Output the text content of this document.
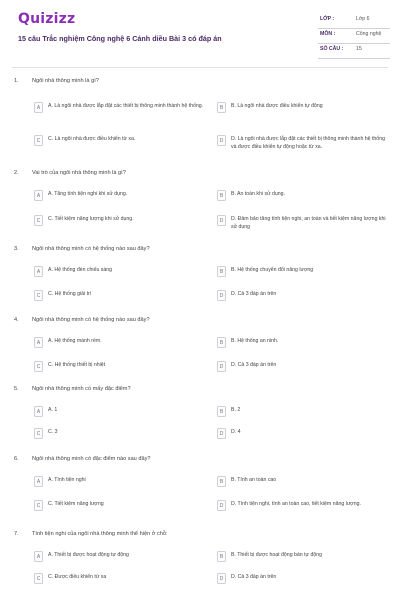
Quizizz
15 câu Trắc nghiệm Công nghệ 6 Cánh diều Bài 3 có đáp án
LỚP :	Lớp 6
MÔN :	Công nghệ
SỐ CÂU : 15
1. Ngôi nhà thông minh là gì?
A	A. Là ngôi nhà được lắp đặt các thiết bị thông minh thành hệ thống.	B	B. Là ngôi nhà được điều khiển tự động
C	C. Là ngôi nhà được điều khiển từ xa.	D	D. Là ngôi nhà được lắp đặt các thiết bị thông minh thành hệ thống và được điều khiển tự động hoặc từ xa.
2. Vai trò của ngôi nhà thông minh là gì?
A	A. Tăng tính tiện nghi khi sử dụng.	B	B. An toàn khi sử dụng.
C	C. Tiết kiệm năng lượng khi sử dụng.	D	D. Đảm bảo tăng tính tiện nghi, an toàn và tiết kiệm năng lượng khi sử dụng
3. Ngôi nhà thông minh có hệ thống nào sau đây?
A	A. Hệ thống đèn chiếu sáng	B	B. Hệ thống chuyển đổi năng lượng
C	C. Hệ thống giải trí	D	D. Cả 3 đáp án trên
4. Ngôi nhà thông minh có hệ thống nào sau đây?
A	A. Hệ thống mành rèm.	B	B. Hệ thống an ninh.
C	C. Hệ thống thiết bị nhiệt	D	D. Cả 3 đáp án trên
5. Ngôi nhà thông minh có mấy đặc điểm?
A	A. 1	B	B. 2
C	C. 3	D	D. 4
6. Ngôi nhà thông minh có đặc điểm nào sau đây?
A	A. Tính tiện nghi	B	B. Tính an toàn cao
C	C. Tiết kiệm năng lượng	D	D. Tính tiện nghi, tính an toàn cao, tiết kiệm năng lượng.
7. Tính tiện nghi của ngôi nhà thông minh thể hiện ở chỗ:
A	A. Thiết bị được hoạt động tự động	B	B. Thiết bị được hoạt động bán tự động
C	C. Được điều khiển từ xa	D	D. Cả 3 đáp án trên
